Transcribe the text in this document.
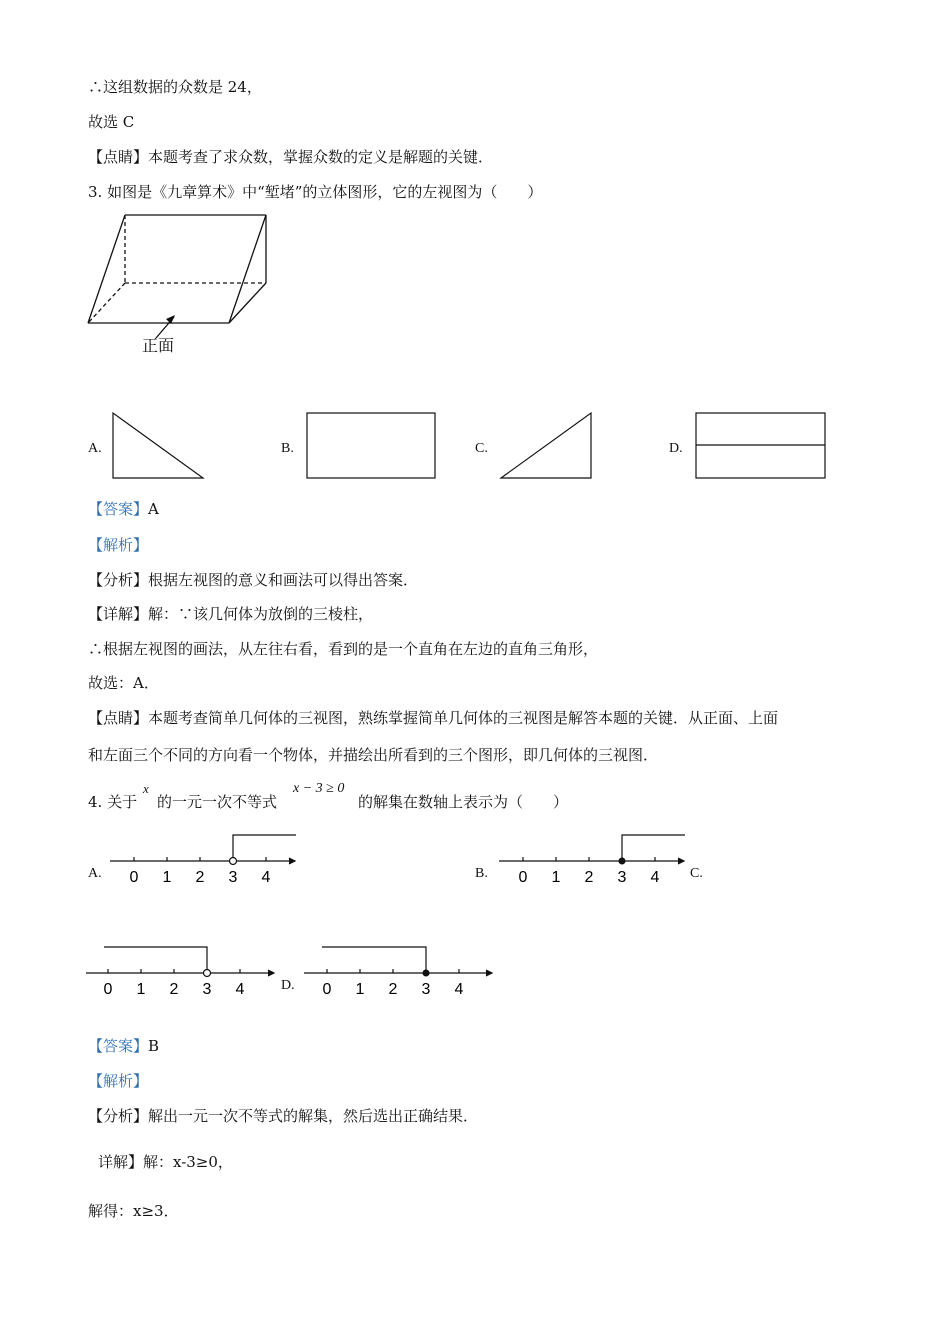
∴这组数据的众数是 24，
故选 C
【点睛】本题考查了求众数，掌握众数的定义是解题的关键．
3. 如图是《九章算术》中“堑堵”的立体图形，它的左视图为（　　）
正面
A.	B.	C.	D.
【答案】A
【解析】
【分析】根据左视图的意义和画法可以得出答案．
【详解】解：∵该几何体为放倒的三棱柱，
∴根据左视图的画法，从左往右看，看到的是一个直角在左边的直角三角形，
故选：A．
【点睛】本题考查简单几何体的三视图，熟练掌握简单几何体的三视图是解答本题的关键．从正面、上面
和左面三个不同的方向看一个物体，并描绘出所看到的三个图形，即几何体的三视图．
4. 关于
x
的一元一次不等式
x − 3 ≥ 0
的解集在数轴上表示为（　　）
A. 0 1 2 3 4	B. 0 1 2 3 4 C.
0 1 2 3 4	D. 0 1 2 3 4
【答案】B
【解析】
【分析】解出一元一次不等式的解集，然后选出正确结果．
详解】解：x-3≥0，
解得：x≥3．
